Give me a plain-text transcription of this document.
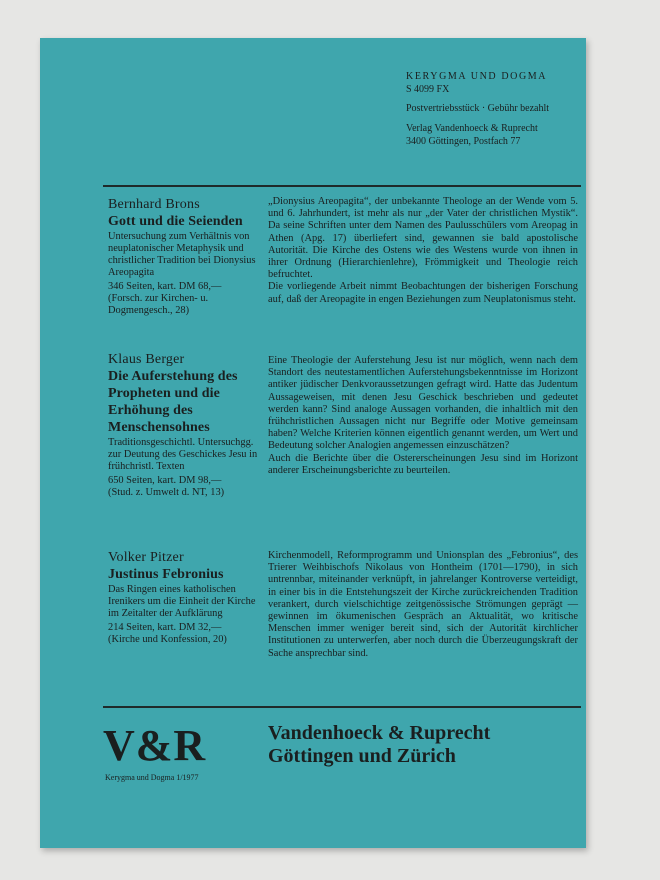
KERYGMA UND DOGMA
S 4099 FX
Postvertriebsstück · Gebühr bezahlt
Verlag Vandenhoeck & Ruprecht
3400 Göttingen, Postfach 77
Bernhard Brons
Gott und die Seienden
Untersuchung zum Verhältnis von neuplatonischer Metaphysik und christlicher Tradition bei Dionysius Areopagita
346 Seiten, kart. DM 68,—
(Forsch. zur Kirchen- u. Dogmengesch., 28)

„Dionysius Areopagita“, der unbekannte Theologe an der Wende vom 5. und 6. Jahrhundert, ist mehr als nur „der Vater der christlichen Mystik“. Da seine Schriften unter dem Namen des Paulusschülers vom Areopag in Athen (Apg. 17) überliefert sind, gewannen sie bald apostolische Autorität. Die Kirche des Ostens wie des Westens wurde von ihnen in ihrer Ordnung (Hierarchienlehre), Frömmigkeit und Theologie reich befruchtet.

Die vorliegende Arbeit nimmt Beobachtungen der bisherigen Forschung auf, daß der Areopagite in engen Beziehungen zum Neuplatonismus steht.

Klaus Berger
Die Auferstehung des Propheten und die Erhöhung des Menschensohnes
Traditionsgeschichtl. Untersuchgg. zur Deutung des Geschickes Jesu in frühchristl. Texten
650 Seiten, kart. DM 98,—
(Stud. z. Umwelt d. NT, 13)

Eine Theologie der Auferstehung Jesu ist nur möglich, wenn nach dem Standort des neutestamentlichen Auferstehungsbekenntnisse im Horizont antiker jüdischer Denkvoraussetzungen gefragt wird. Hatte das Judentum Aussageweisen, mit denen Jesu Geschick beschrieben und gedeutet werden kann? Sind analoge Aussagen vorhanden, die inhaltlich mit den frühchristlichen Aussagen nicht nur Begriffe oder Motive gemeinsam haben? Welche Kriterien können eigentlich genannt werden, um Wert und Bedeutung solcher Analogien angemessen einzuschätzen?

Auch die Berichte über die Ostererscheinungen Jesu sind im Horizont anderer Erscheinungsberichte zu beurteilen.

Volker Pitzer
Justinus Febronius
Das Ringen eines katholischen Irenikers um die Einheit der Kirche im Zeitalter der Aufklärung
214 Seiten, kart. DM 32,—
(Kirche und Konfession, 20)

Kirchenmodell, Reformprogramm und Unionsplan des „Febronius“, des Trierer Weihbischofs Nikolaus von Hontheim (1701—1790), in sich untrennbar, miteinander verknüpft, in jahrelanger Kontroverse verteidigt, in einer bis in die Entstehungszeit der Kirche zurückreichenden Tradition verankert, durch vielschichtige zeitgenössische Strömungen geprägt — gewinnen im ökumenischen Gespräch an Aktualität, wo kritische Menschen immer weniger bereit sind, sich der Autorität kirchlicher Institutionen zu unterwerfen, aber noch durch die Überzeugungskraft der Sache ansprechbar sind.

V&R
Kerygma und Dogma 1/1977
Vandenhoeck & Ruprecht
Göttingen und Zürich
